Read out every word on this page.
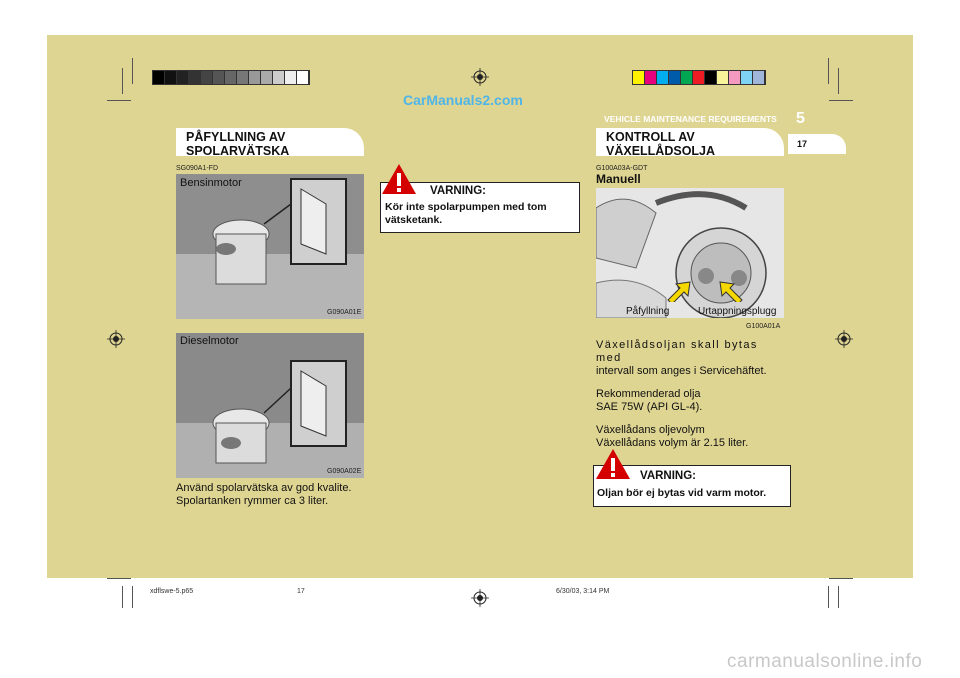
CarManuals2.com
VEHICLE MAINTENANCE REQUIREMENTS 5
17
PÅFYLLNING AV
SPOLARVÄTSKA
SG090A1-FD
Bensinmotor
G090A01E
Dieselmotor
G090A02E
Använd spolarvätska av god kvalite.
Spolartanken rymmer ca 3 liter.
VARNING:
Kör inte spolarpumpen med tom
vätsketank.
KONTROLL AV
VÄXELLÅDSOLJA
G100A03A-GDT
Manuell
Påfyllning	Urtappningsplugg
G100A01A
Växellådsoljan skall bytas med
intervall som anges i Servicehäftet.
Rekommenderad olja
SAE 75W (API GL-4).
Växellådans oljevolym
Växellådans volym är 2.15 liter.
VARNING:
Oljan bör ej bytas vid varm motor.
xdflswe-5.p65	17	6/30/03, 3:14 PM
carmanualsonline.info
